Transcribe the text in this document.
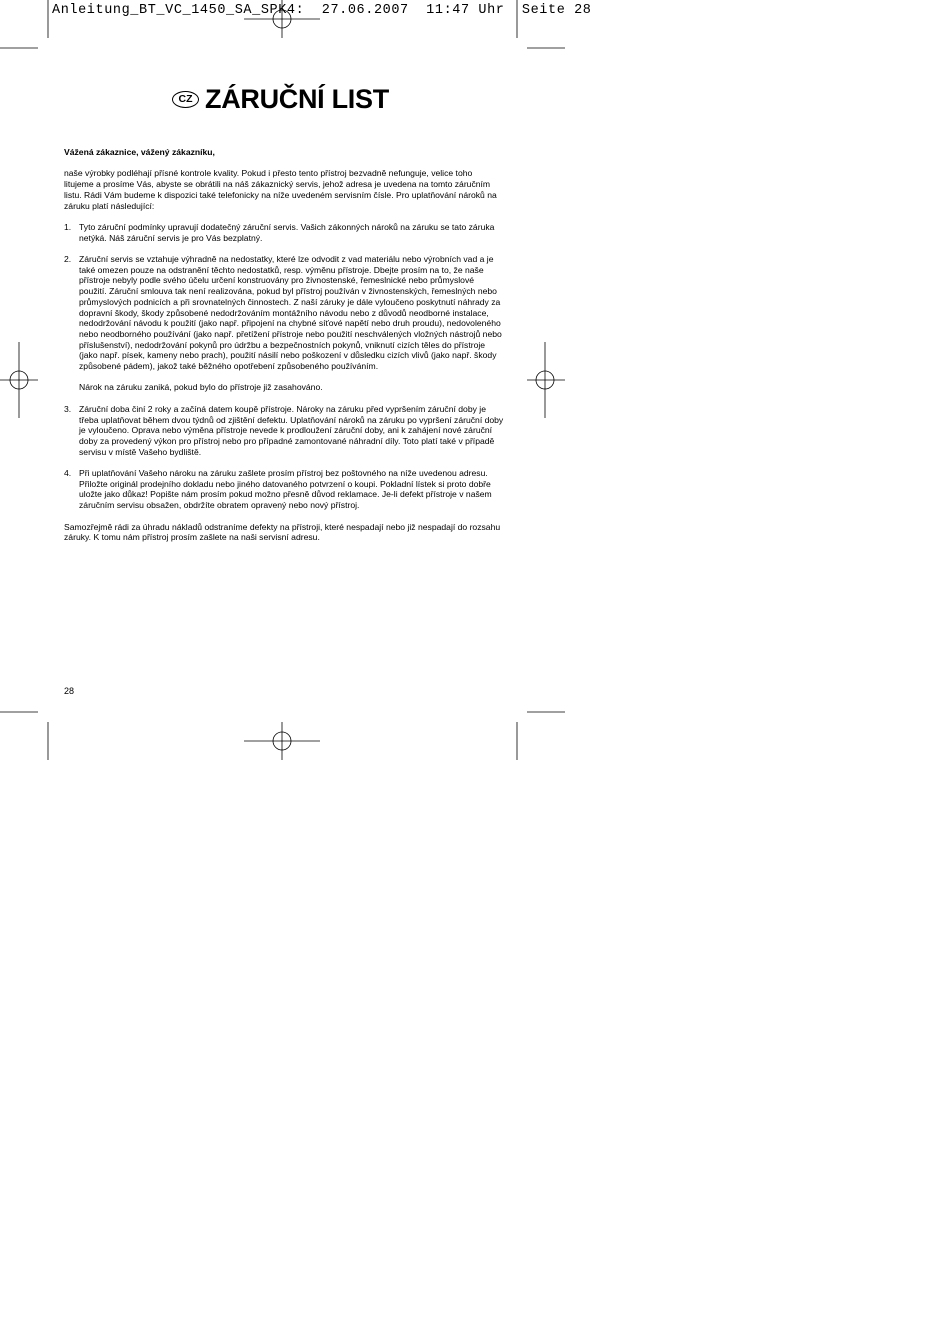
Anleitung_BT_VC_1450_SA_SPK4: 27.06.2007 11:47 Uhr Seite 28
CZ ZÁRUČNÍ LIST

Vážená zákaznice, vážený zákazníku,

naše výrobky podléhají přísné kontrole kvality. Pokud i přesto tento přístroj bezvadně nefunguje, velice toho litujeme a prosíme Vás, abyste se obrátili na náš zákaznický servis, jehož adresa je uvedena na tomto záručním listu. Rádi Vám budeme k dispozici také telefonicky na níže uvedeném servisním čísle. Pro uplatňování nároků na záruku platí následující:

1. Tyto záruční podmínky upravují dodatečný záruční servis. Vašich zákonných nároků na záruku se tato záruka netýká. Náš záruční servis je pro Vás bezplatný.

2. Záruční servis se vztahuje výhradně na nedostatky, které lze odvodit z vad materiálu nebo výrobních vad a je také omezen pouze na odstranění těchto nedostatků, resp. výměnu přístroje. Dbejte prosím na to, že naše přístroje nebyly podle svého účelu určení konstruovány pro živnostenské, řemeslnické nebo průmyslové použití. Záruční smlouva tak není realizována, pokud byl přístroj používán v živnostenských, řemeslných nebo průmyslových podnicích a při srovnatelných činnostech. Z naší záruky je dále vyloučeno poskytnutí náhrady za dopravní škody, škody způsobené nedodržováním montážního návodu nebo z důvodů neodborné instalace, nedodržování návodu k použití (jako např. připojení na chybné síťové napětí nebo druh proudu), nedovoleného nebo neodborného používání (jako např. přetížení přístroje nebo použití neschválených vložných nástrojů nebo příslušenství), nedodržování pokynů pro údržbu a bezpečnostních pokynů, vniknutí cizích těles do přístroje (jako např. písek, kameny nebo prach), použití násilí nebo poškození v důsledku cizích vlivů (jako např. škody způsobené pádem), jakož také běžného opotřebení způsobeného používáním.

Nárok na záruku zaniká, pokud bylo do přístroje již zasahováno.

3. Záruční doba činí 2 roky a začíná datem koupě přístroje. Nároky na záruku před vypršením záruční doby je třeba uplatňovat během dvou týdnů od zjištění defektu. Uplatňování nároků na záruku po vypršení záruční doby je vyloučeno. Oprava nebo výměna přístroje nevede k prodloužení záruční doby, ani k zahájení nové záruční doby za provedený výkon pro přístroj nebo pro případné zamontované náhradní díly. Toto platí také v případě servisu v místě Vašeho bydliště.

4. Při uplatňování Vašeho nároku na záruku zašlete prosím přístroj bez poštovného na níže uvedenou adresu. Přiložte originál prodejního dokladu nebo jiného datovaného potvrzení o koupi. Pokladní lístek si proto dobře uložte jako důkaz! Popište nám prosím pokud možno přesně důvod reklamace. Je-li defekt přístroje v našem záručním servisu obsažen, obdržíte obratem opravený nebo nový přístroj.

Samozřejmě rádi za úhradu nákladů odstraníme defekty na přístroji, které nespadají nebo již nespadají do rozsahu záruky. K tomu nám přístroj prosím zašlete na naši servisní adresu.

28
